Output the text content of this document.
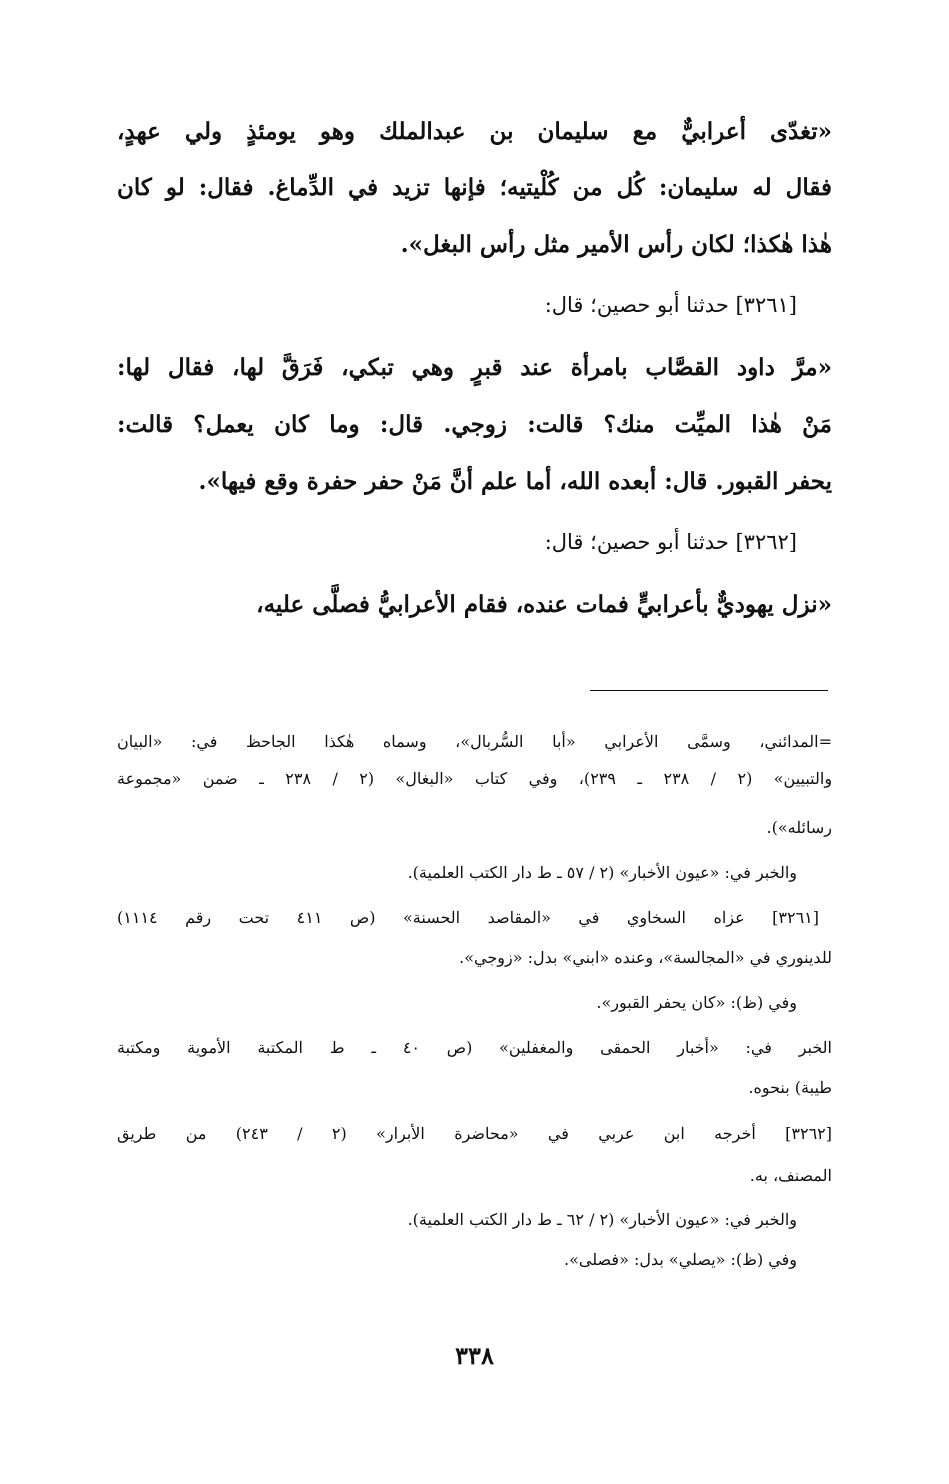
«تغدّى أعرابيٌّ مع سليمان بن عبدالملك وهو يومئذٍ ولي عهدٍ،
فقال له سليمان: كُل من كُلْيتيه؛ فإنها تزيد في الدِّماغ. فقال: لو كان
هٰذا هٰكذا؛ لكان رأس الأمير مثل رأس البغل».
[٣٢٦١] حدثنا أبو حصين؛ قال:
«مرَّ داود القصَّاب بامرأة عند قبرٍ وهي تبكي، فَرَقَّ لها، فقال لها:
مَنْ هٰذا الميِّت منك؟ قالت: زوجي. قال: وما كان يعمل؟ قالت:
يحفر القبور. قال: أبعده الله، أما علم أنَّ مَنْ حفر حفرة وقع فيها».
[٣٢٦٢] حدثنا أبو حصين؛ قال:
«نزل يهوديٌّ بأعرابيٍّ فمات عنده، فقام الأعرابيُّ فصلَّى عليه،
=المدائني، وسمَّى الأعرابي «أبا السُّربال»، وسماه هٰكذا الجاحظ في: «البيان
والتبيين» (٢ / ٢٣٨ ـ ٢٣٩)، وفي كتاب «البغال» (٢ / ٢٣٨ ـ ضمن «مجموعة
رسائله»).
والخبر في: «عيون الأخبار» (٢ / ٥٧ ـ ط دار الكتب العلمية).
[٣٢٦١] عزاه السخاوي في «المقاصد الحسنة» (ص ٤١١ تحت رقم ١١١٤)
للدينوري في «المجالسة»، وعنده «ابني» بدل: «زوجي».
وفي (ظ): «كان يحفر القبور».
الخبر في: «أخبار الحمقى والمغفلين» (ص ٤٠ ـ ط المكتبة الأموية ومكتبة
طيبة) بنحوه.
[٣٢٦٢] أخرجه ابن عربي في «محاضرة الأبرار» (٢ / ٢٤٣) من طريق
المصنف، به.
والخبر في: «عيون الأخبار» (٢ / ٦٢ ـ ط دار الكتب العلمية).
وفي (ظ): «يصلي» بدل: «فصلى».
٣٣٨
